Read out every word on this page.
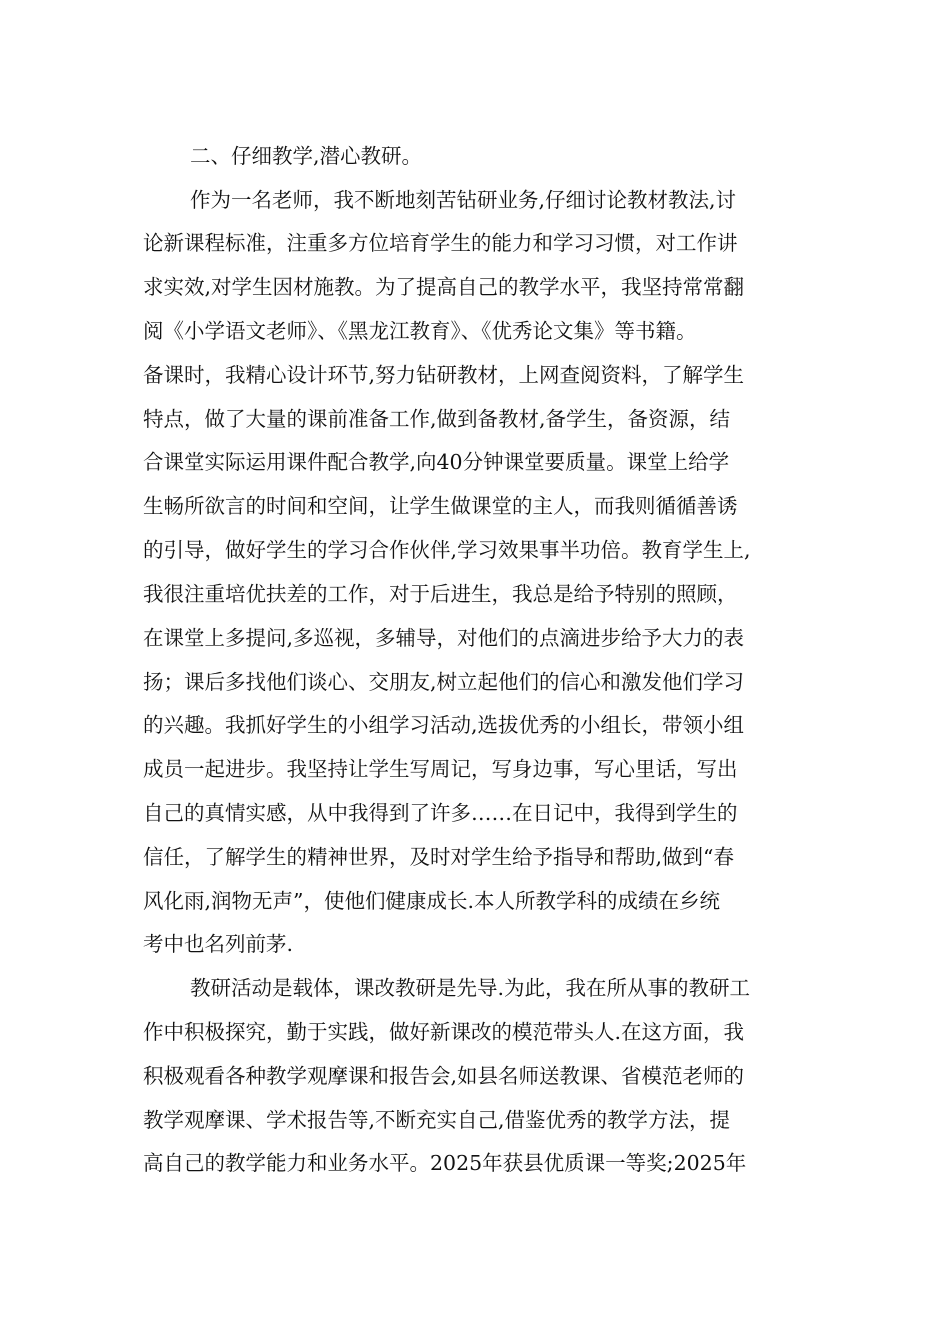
二、仔细教学,潜心教研。
作为一名老师，我不断地刻苦钻研业务,仔细讨论教材教法,讨
论新课程标准，注重多方位培育学生的能力和学习习惯，对工作讲
求实效,对学生因材施教。为了提高自己的教学水平，我坚持常常翻
阅《小学语文老师》、《黑龙江教育》、《优秀论文集》等书籍。
备课时，我精心设计环节,努力钻研教材，上网查阅资料，了解学生
特点，做了大量的课前准备工作,做到备教材,备学生，备资源，结
合课堂实际运用课件配合教学,向40分钟课堂要质量。课堂上给学
生畅所欲言的时间和空间，让学生做课堂的主人，而我则循循善诱
的引导，做好学生的学习合作伙伴,学习效果事半功倍。教育学生上,
我很注重培优扶差的工作，对于后进生，我总是给予特别的照顾，
在课堂上多提问,多巡视，多辅导，对他们的点滴进步给予大力的表
扬；课后多找他们谈心、交朋友,树立起他们的信心和激发他们学习
的兴趣。我抓好学生的小组学习活动,选拔优秀的小组长，带领小组
成员一起进步。我坚持让学生写周记，写身边事，写心里话，写出
自己的真情实感，从中我得到了许多……在日记中，我得到学生的
信任，了解学生的精神世界，及时对学生给予指导和帮助,做到“春
风化雨,润物无声”，使他们健康成长.本人所教学科的成绩在乡统
考中也名列前茅.
教研活动是载体，课改教研是先导.为此，我在所从事的教研工
作中积极探究，勤于实践，做好新课改的模范带头人.在这方面，我
积极观看各种教学观摩课和报告会,如县名师送教课、省模范老师的
教学观摩课、学术报告等,不断充实自己,借鉴优秀的教学方法，提
高自己的教学能力和业务水平。2025年获县优质课一等奖;2025年
